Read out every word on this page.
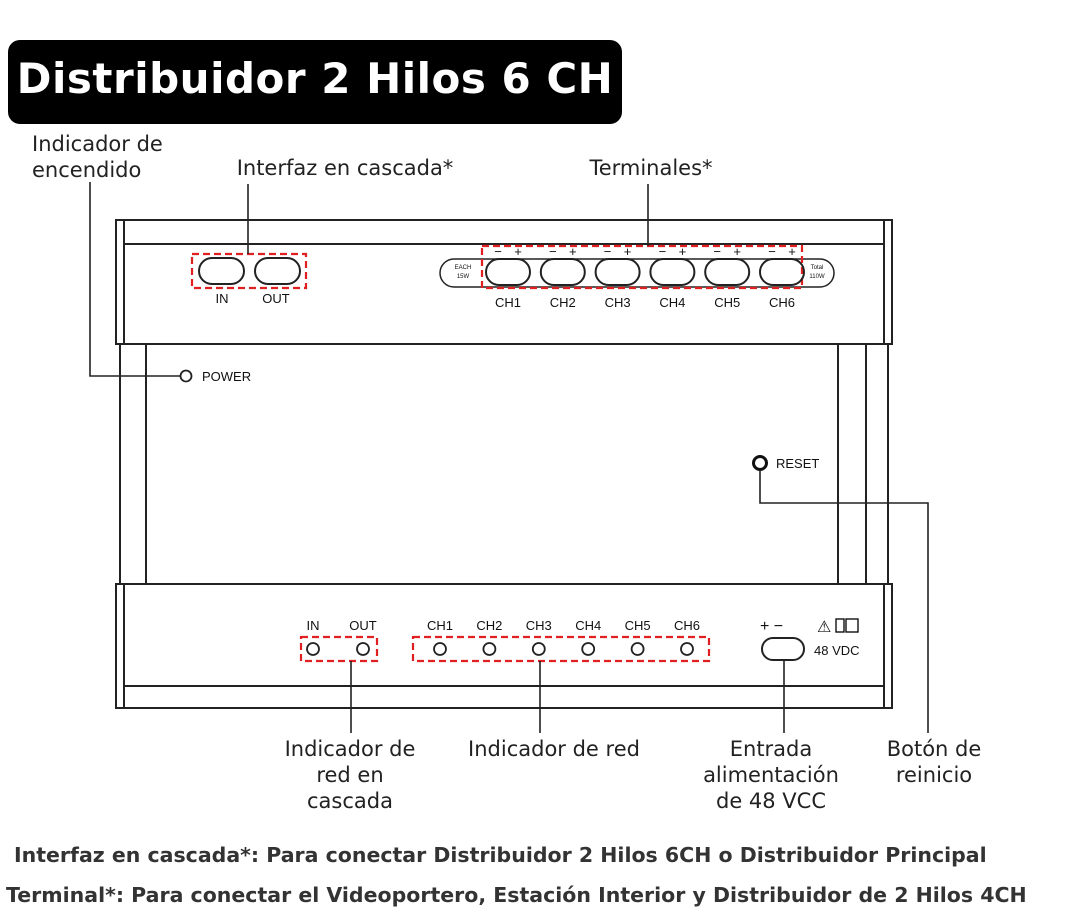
IN	OUT
EACH
15W
Total
110W
− +
CH1
− +
CH2
− +
CH3
− +
CH4
− +
CH5
− +
CH6
POWER
RESET
IN OUT	CH1 CH2 CH3 CH4 CH5 CH6	+ − ⚠
48 VDC
Indicador de
encendido	Interfaz en cascada*	Terminales*
Indicador de
red en
cascada
Indicador de red	Entrada
alimentación
de 48 VCC
Botón de
reinicio
Distribuidor 2 Hilos 6 CH
Interfaz en cascada*: Para conectar Distribuidor 2 Hilos 6CH o Distribuidor Principal
Terminal*: Para conectar el Videoportero, Estación Interior y Distribuidor de 2 Hilos 4CH
